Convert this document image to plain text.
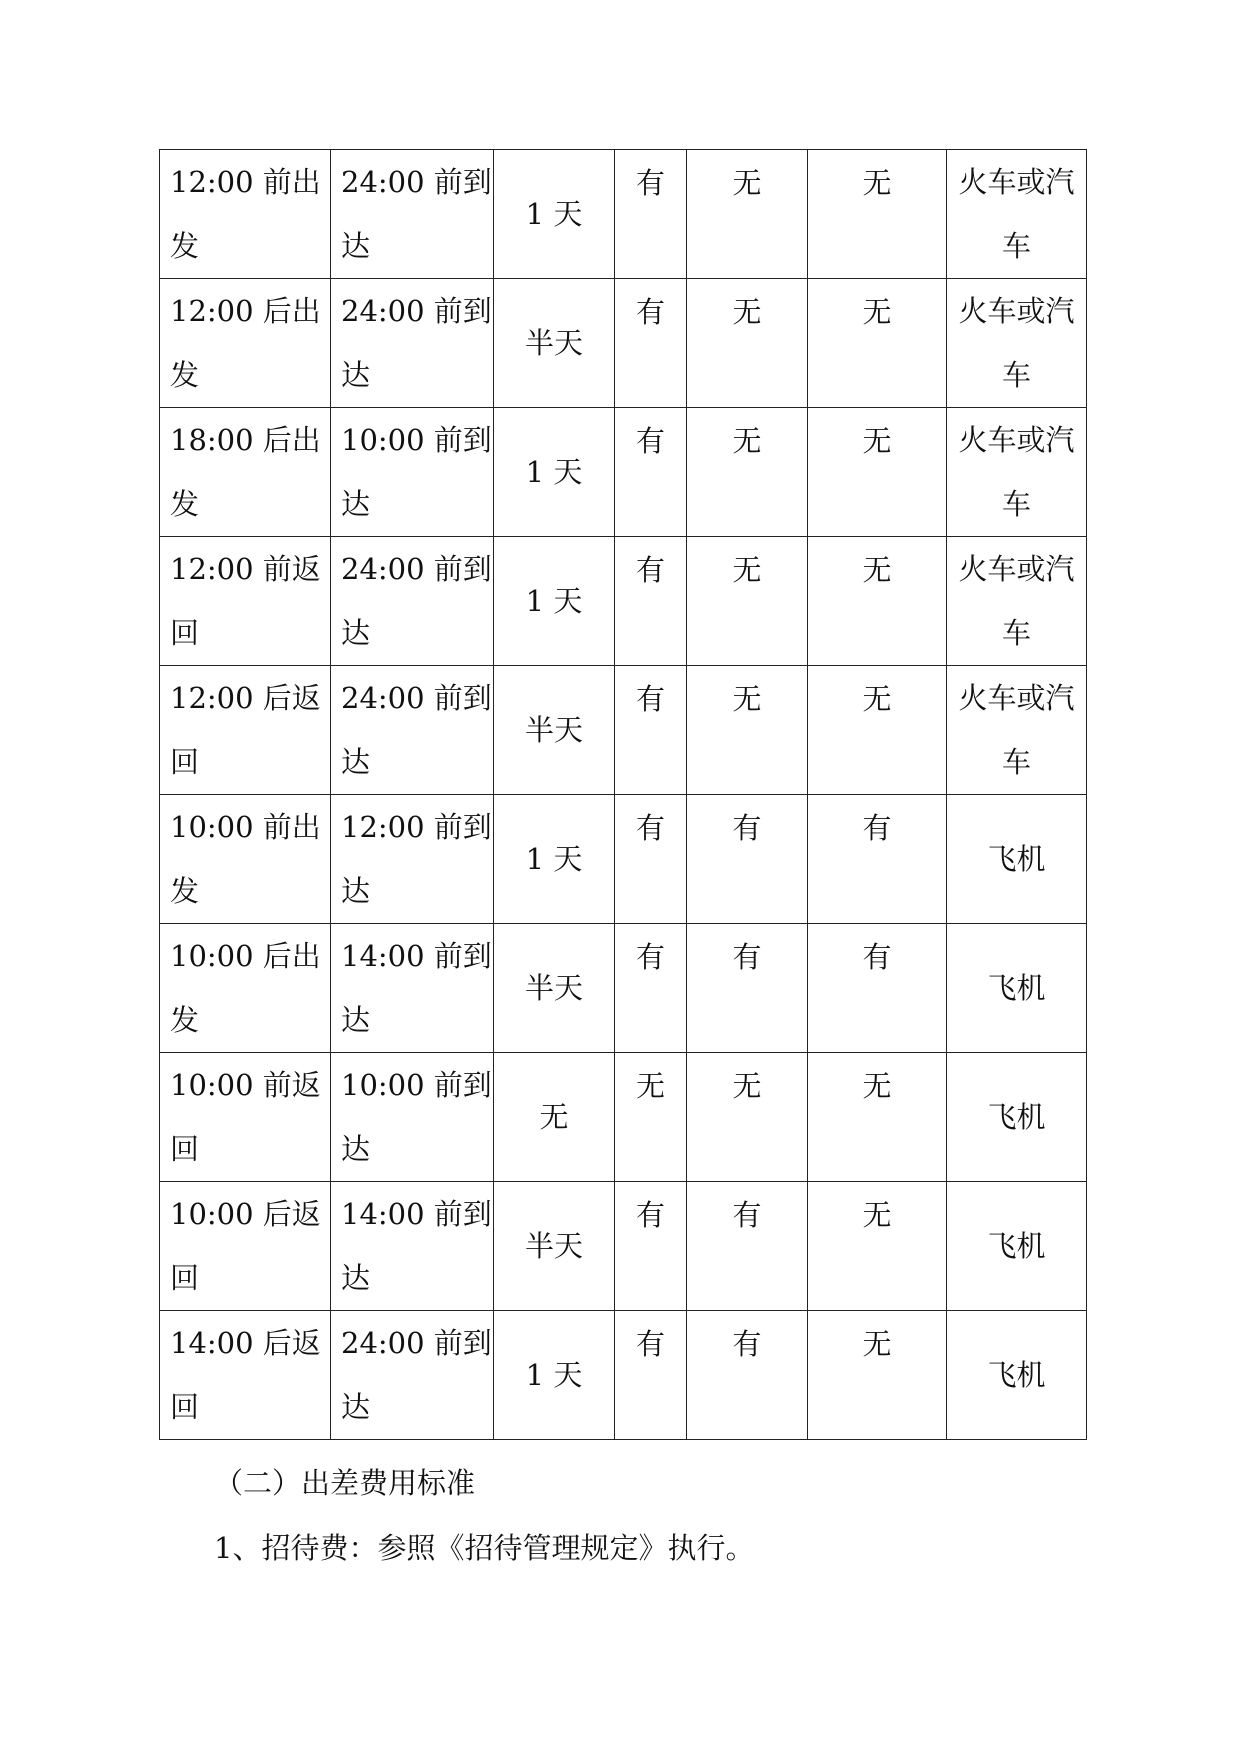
12:00 前出发	24:00 前到达	1 天	有	无	无	火车或汽车
12:00 后出发	24:00 前到达	半天	有	无	无	火车或汽车
18:00 后出发	10:00 前到达	1 天	有	无	无	火车或汽车
12:00 前返回	24:00 前到达	1 天	有	无	无	火车或汽车
12:00 后返回	24:00 前到达	半天	有	无	无	火车或汽车
10:00 前出发	12:00 前到达	1 天	有	有	有	飞机
10:00 后出发	14:00 前到达	半天	有	有	有	飞机
10:00 前返回	10:00 前到达	无	无	无	无	飞机
10:00 后返回	14:00 前到达	半天	有	有	无	飞机
14:00 后返回	24:00 前到达	1 天	有	有	无	飞机
（二）出差费用标准
1、招待费：参照《招待管理规定》执行。
